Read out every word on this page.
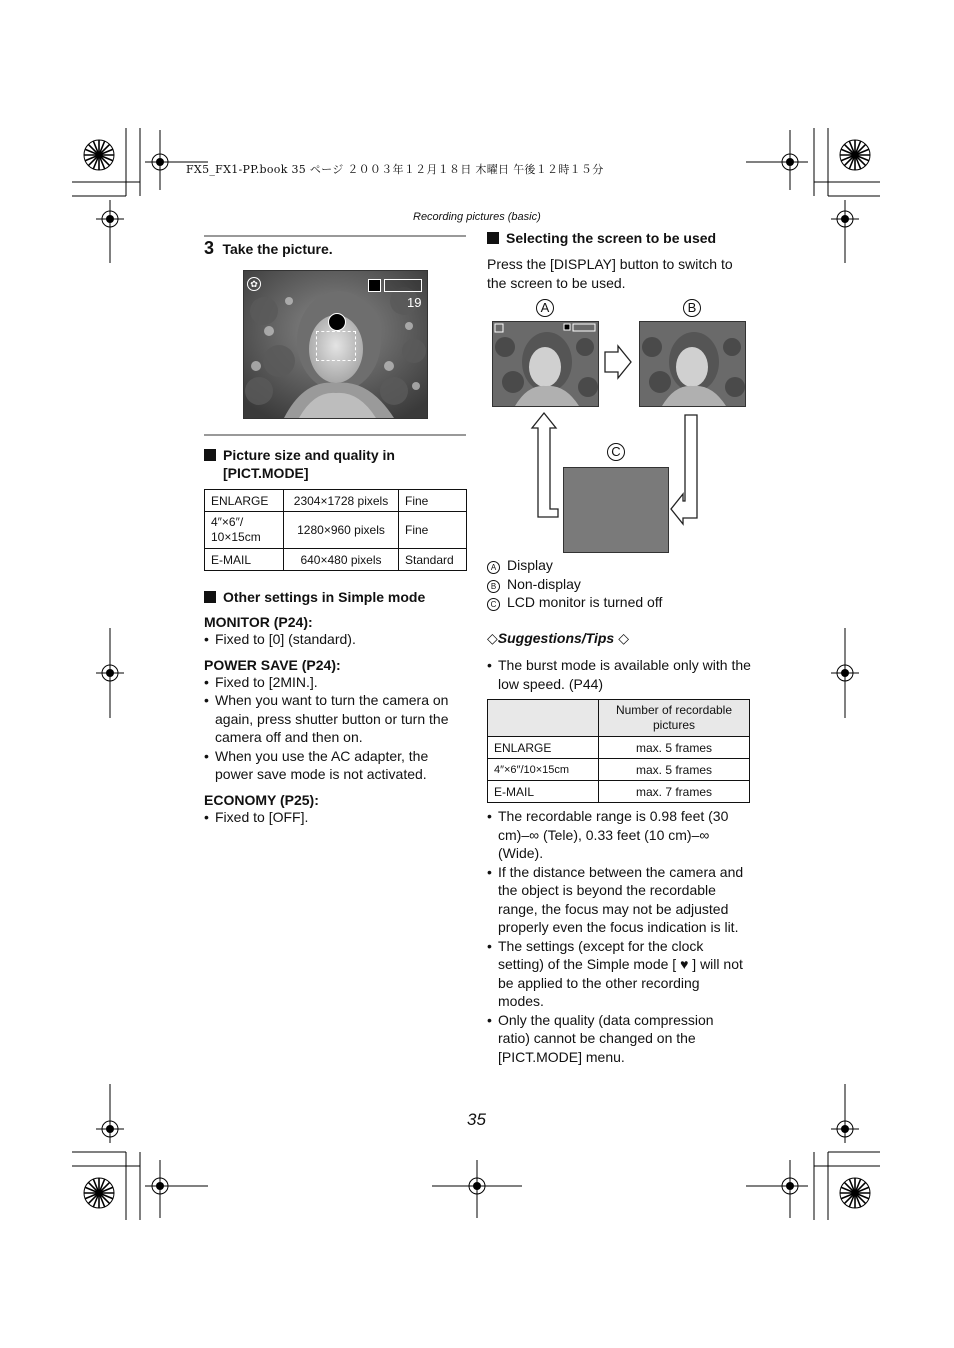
FX5_FX1-PP.book 35 ページ ２００３年１２月１８日 木曜日 午後１２時１５分
Recording pictures (basic)
3 Take the picture.
✿
19
Picture size and quality in [PICT.MODE]
ENLARGE	2304×1728 pixels	Fine
4″×6″/ 10×15cm	1280×960 pixels	Fine
E-MAIL	640×480 pixels	Standard
Other settings in Simple mode
MONITOR (P24):
• Fixed to [0] (standard).
POWER SAVE (P24):
• Fixed to [2MIN.].
• When you want to turn the camera on again, press shutter button or turn the camera off and then on.
• When you use the AC adapter, the power save mode is not activated.
ECONOMY (P25):
• Fixed to [OFF].
Selecting the screen to be used
Press the [DISPLAY] button to switch to the screen to be used.
A	B
C
A Display
B Non-display
C LCD monitor is turned off
◇Suggestions/Tips ◇
• The burst mode is available only with the low speed. (P44)
	Number of recordable pictures
ENLARGE	max. 5 frames
4″×6″/10×15cm	max. 5 frames
E-MAIL	max. 7 frames
• The recordable range is 0.98 feet (30 cm)–∞ (Tele), 0.33 feet (10 cm)–∞ (Wide).
• If the distance between the camera and the object is beyond the recordable range, the focus may not be adjusted properly even the focus indication is lit.
• The settings (except for the clock setting) of the Simple mode [ ♥ ] will not be applied to the other recording modes.
• Only the quality (data compression ratio) cannot be changed on the [PICT.MODE] menu.
35
